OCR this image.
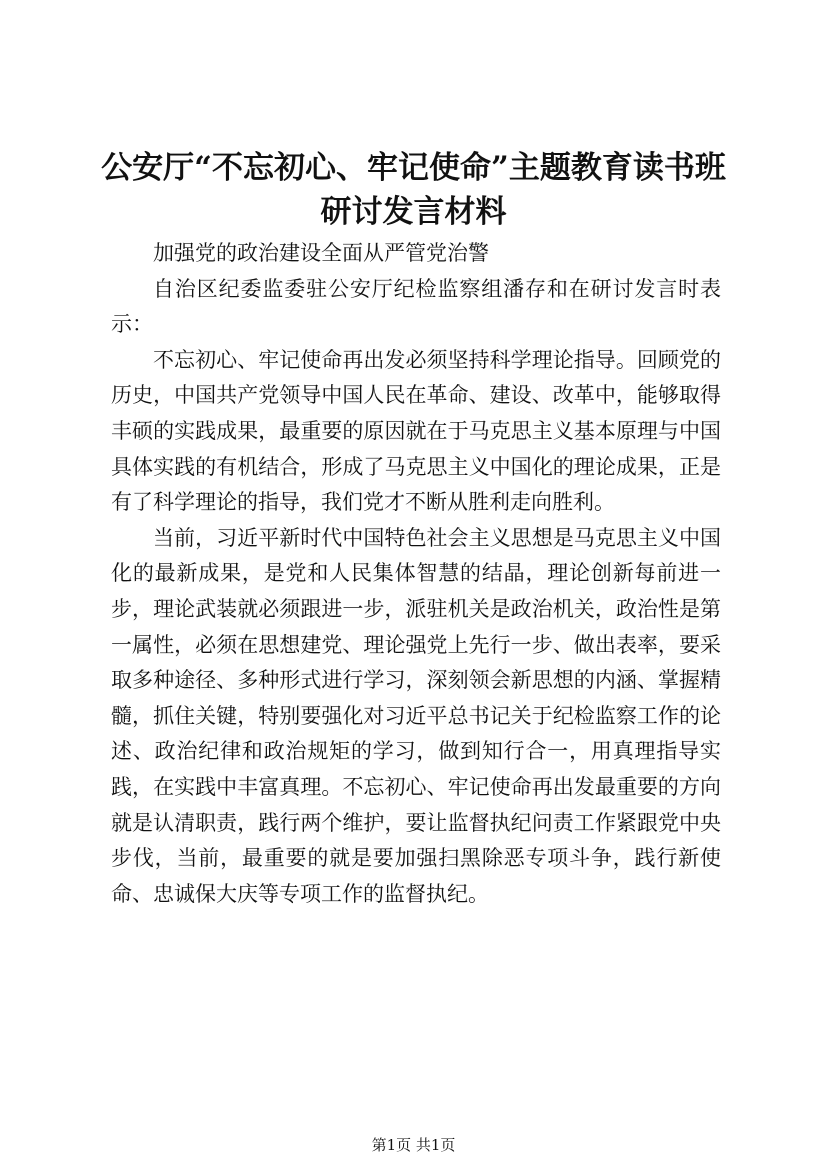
公安厅“不忘初心、牢记使命”主题教育读书班研讨发言材料

加强党的政治建设全面从严管党治警

自治区纪委监委驻公安厅纪检监察组潘存和在研讨发言时表示：

不忘初心、牢记使命再出发必须坚持科学理论指导。回顾党的历史，中国共产党领导中国人民在革命、建设、改革中，能够取得丰硕的实践成果，最重要的原因就在于马克思主义基本原理与中国具体实践的有机结合，形成了马克思主义中国化的理论成果，正是有了科学理论的指导，我们党才不断从胜利走向胜利。

当前，习近平新时代中国特色社会主义思想是马克思主义中国化的最新成果，是党和人民集体智慧的结晶，理论创新每前进一步，理论武装就必须跟进一步，派驻机关是政治机关，政治性是第一属性，必须在思想建党、理论强党上先行一步、做出表率，要采取多种途径、多种形式进行学习，深刻领会新思想的内涵、掌握精髓，抓住关键，特别要强化对习近平总书记关于纪检监察工作的论述、政治纪律和政治规矩的学习，做到知行合一，用真理指导实践，在实践中丰富真理。不忘初心、牢记使命再出发最重要的方向就是认清职责，践行两个维护，要让监督执纪问责工作紧跟党中央步伐，当前，最重要的就是要加强扫黑除恶专项斗争，践行新使命、忠诚保大庆等专项工作的监督执纪。

第1页 共1页
